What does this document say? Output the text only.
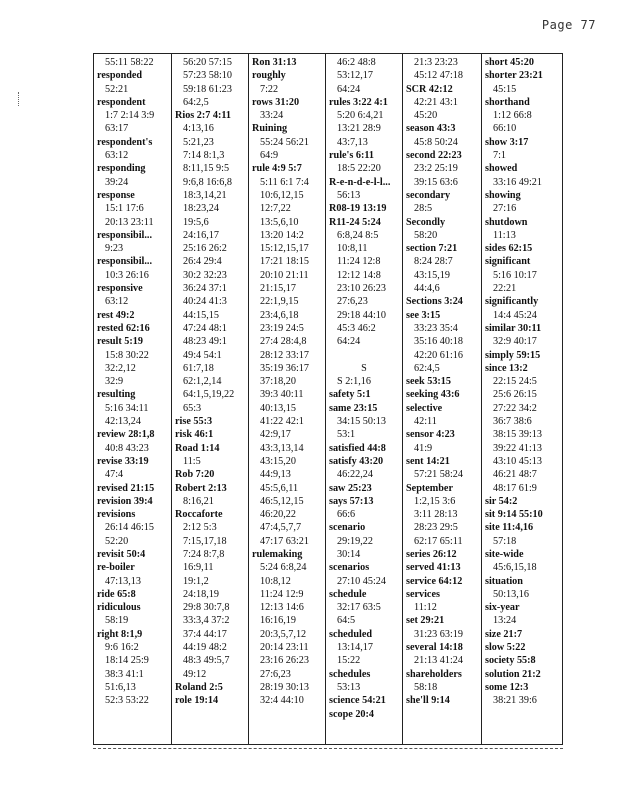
Page 77
55:11 58:22
responded
52:21
respondent
1:7 2:14 3:9
63:17
respondent's
63:12
responding
39:24
response
15:1 17:6
20:13 23:11
responsibil...
9:23
responsibil...
10:3 26:16
responsive
63:12
rest 49:2
rested 62:16
result 5:19
15:8 30:22
32:2,12
32:9
resulting
5:16 34:11
42:13,24
review 28:1,8
40:8 43:23
revise 33:19
47:4
revised 21:15
revision 39:4
revisions
26:14 46:15
52:20
revisit 50:4
re-boiler
47:13,13
ride 65:8
ridiculous
58:19
right 8:1,9
9:6 16:2
18:14 25:9
38:3 41:1
51:6,13
52:3 53:22
56:20 57:15
57:23 58:10
59:18 61:23
64:2,5
Rios 2:7 4:11
4:13,16
5:21,23
7:14 8:1,3
8:11,15 9:5
9:6,8 16:6,8
18:3,14,21
18:23,24
19:5,6
24:16,17
25:16 26:2
26:4 29:4
30:2 32:23
36:24 37:1
40:24 41:3
44:15,15
47:24 48:1
48:23 49:1
49:4 54:1
61:7,18
62:1,2,14
64:1,5,19,22
65:3
rise 55:3
risk 46:1
Road 1:14
11:5
Rob 7:20
Robert 2:13
8:16,21
Roccaforte
2:12 5:3
7:15,17,18
7:24 8:7,8
16:9,11
19:1,2
24:18,19
29:8 30:7,8
33:3,4 37:2
37:4 44:17
44:19 48:2
48:3 49:5,7
49:12
Roland 2:5
role 19:14
Ron 31:13
roughly
7:22
rows 31:20
33:24
Ruining
55:24 56:21
64:9
rule 4:9 5:7
5:11 6:1 7:4
10:6,12,15
12:7,22
13:5,6,10
13:20 14:2
15:12,15,17
17:21 18:15
20:10 21:11
21:15,17
22:1,9,15
23:4,6,18
23:19 24:5
27:4 28:4,8
28:12 33:17
35:19 36:17
37:18,20
39:3 40:11
40:13,15
41:22 42:1
42:9,17
43:3,13,14
43:15,20
44:9,13
45:5,6,11
46:5,12,15
46:20,22
47:4,5,7,7
47:17 63:21
rulemaking
5:24 6:8,24
10:8,12
11:24 12:9
12:13 14:6
16:16,19
20:3,5,7,12
20:14 23:11
23:16 26:23
27:6,23
28:19 30:13
32:4 44:10
46:2 48:8
53:12,17
64:24
rules 3:22 4:1
5:20 6:4,21
13:21 28:9
43:7,13
rule's 6:11
18:5 22:20
R-e-n-d-e-l-l...
56:13
R08-19 13:19
R11-24 5:24
6:8,24 8:5
10:8,11
11:24 12:8
12:12 14:8
23:10 26:23
27:6,23
29:18 44:10
45:3 46:2
64:24
S
S 2:1,16
safety 5:1
same 23:15
34:15 50:13
53:1
satisfied 44:8
satisfy 43:20
46:22,24
saw 25:23
says 57:13
66:6
scenario
29:19,22
30:14
scenarios
27:10 45:24
schedule
32:17 63:5
64:5
scheduled
13:14,17
15:22
schedules
53:13
science 54:21
scope 20:4
21:3 23:23
45:12 47:18
SCR 42:12
42:21 43:1
45:20
season 43:3
45:8 50:24
second 22:23
23:2 25:19
39:15 63:6
secondary
28:5
Secondly
58:20
section 7:21
8:24 28:7
43:15,19
44:4,6
Sections 3:24
see 3:15
33:23 35:4
35:16 40:18
42:20 61:16
62:4,5
seek 53:15
seeking 43:6
selective
42:11
sensor 4:23
41:9
sent 14:21
57:21 58:24
September
1:2,15 3:6
3:11 28:13
28:23 29:5
62:17 65:11
series 26:12
served 41:13
service 64:12
services
11:12
set 29:21
31:23 63:19
several 14:18
21:13 41:24
shareholders
58:18
she'll 9:14
short 45:20
shorter 23:21
45:15
shorthand
1:12 66:8
66:10
show 3:17
7:1
showed
33:16 49:21
showing
27:16
shutdown
11:13
sides 62:15
significant
5:16 10:17
22:21
significantly
14:4 45:24
similar 30:11
32:9 40:17
simply 59:15
since 13:2
22:15 24:5
25:6 26:15
27:22 34:2
36:7 38:6
38:15 39:13
39:22 41:13
43:10 45:13
46:21 48:7
48:17 61:9
sir 54:2
sit 9:14 55:10
site 11:4,16
57:18
site-wide
45:6,15,18
situation
50:13,16
six-year
13:24
size 21:7
slow 5:22
society 55:8
solution 21:2
some 12:3
38:21 39:6
